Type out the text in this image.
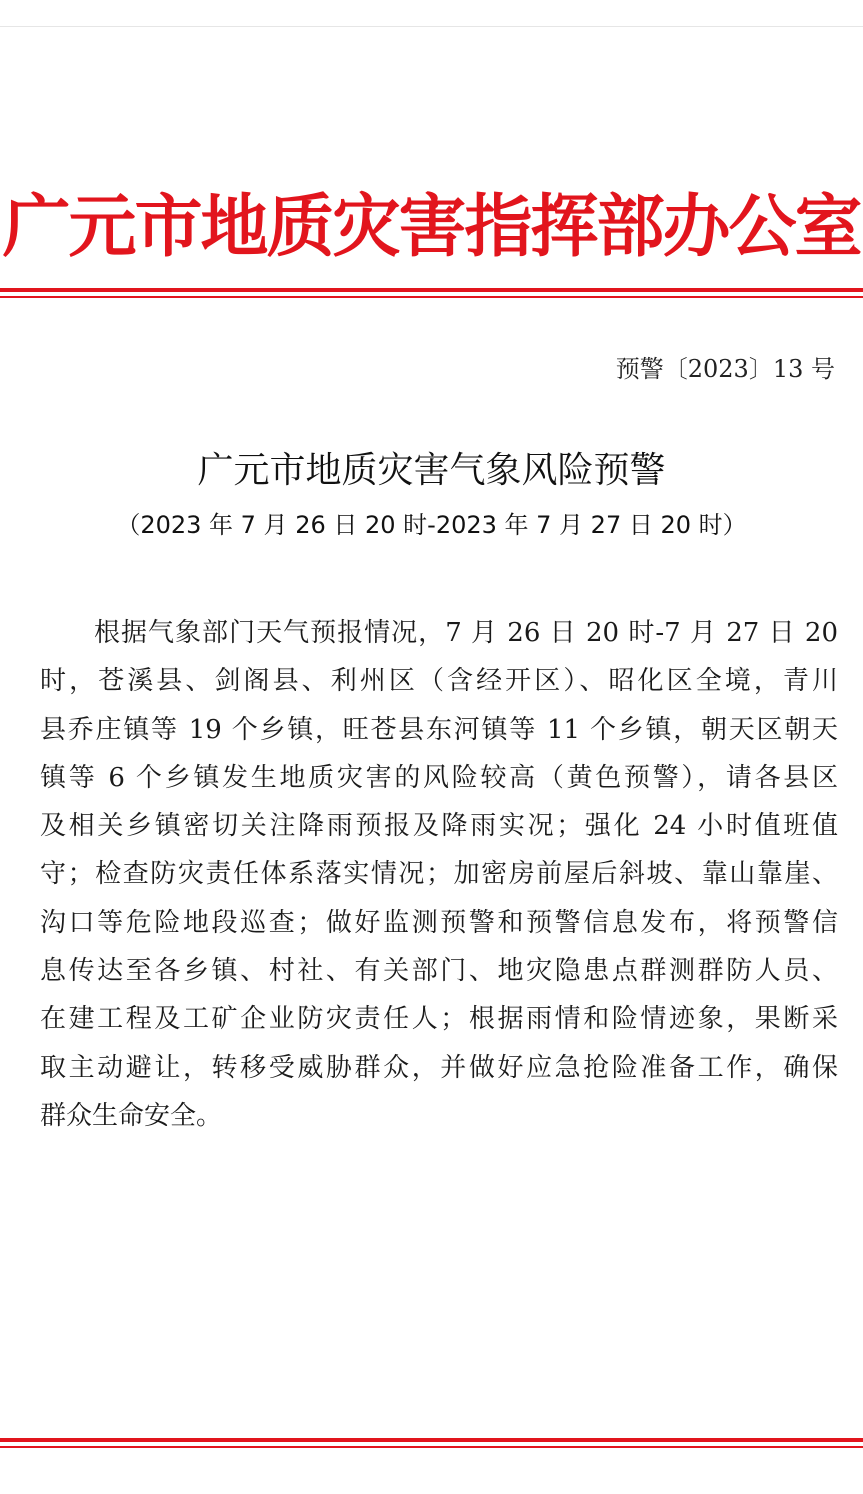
广元市地质灾害指挥部办公室
预警〔2023〕13 号
广元市地质灾害气象风险预警
（2023 年 7 月 26 日 20 时-2023 年 7 月 27 日 20 时）
根据气象部门天气预报情况，7 月 26 日 20 时-7 月 27 日 20
时，苍溪县、剑阁县、利州区（含经开区）、昭化区全境，青川
县乔庄镇等 19 个乡镇，旺苍县东河镇等 11 个乡镇，朝天区朝天
镇等 6 个乡镇发生地质灾害的风险较高（黄色预警），请各县区
及相关乡镇密切关注降雨预报及降雨实况；强化 24 小时值班值
守；检查防灾责任体系落实情况；加密房前屋后斜坡、靠山靠崖、
沟口等危险地段巡查；做好监测预警和预警信息发布，将预警信
息传达至各乡镇、村社、有关部门、地灾隐患点群测群防人员、
在建工程及工矿企业防灾责任人；根据雨情和险情迹象，果断采
取主动避让，转移受威胁群众，并做好应急抢险准备工作，确保
群众生命安全。
